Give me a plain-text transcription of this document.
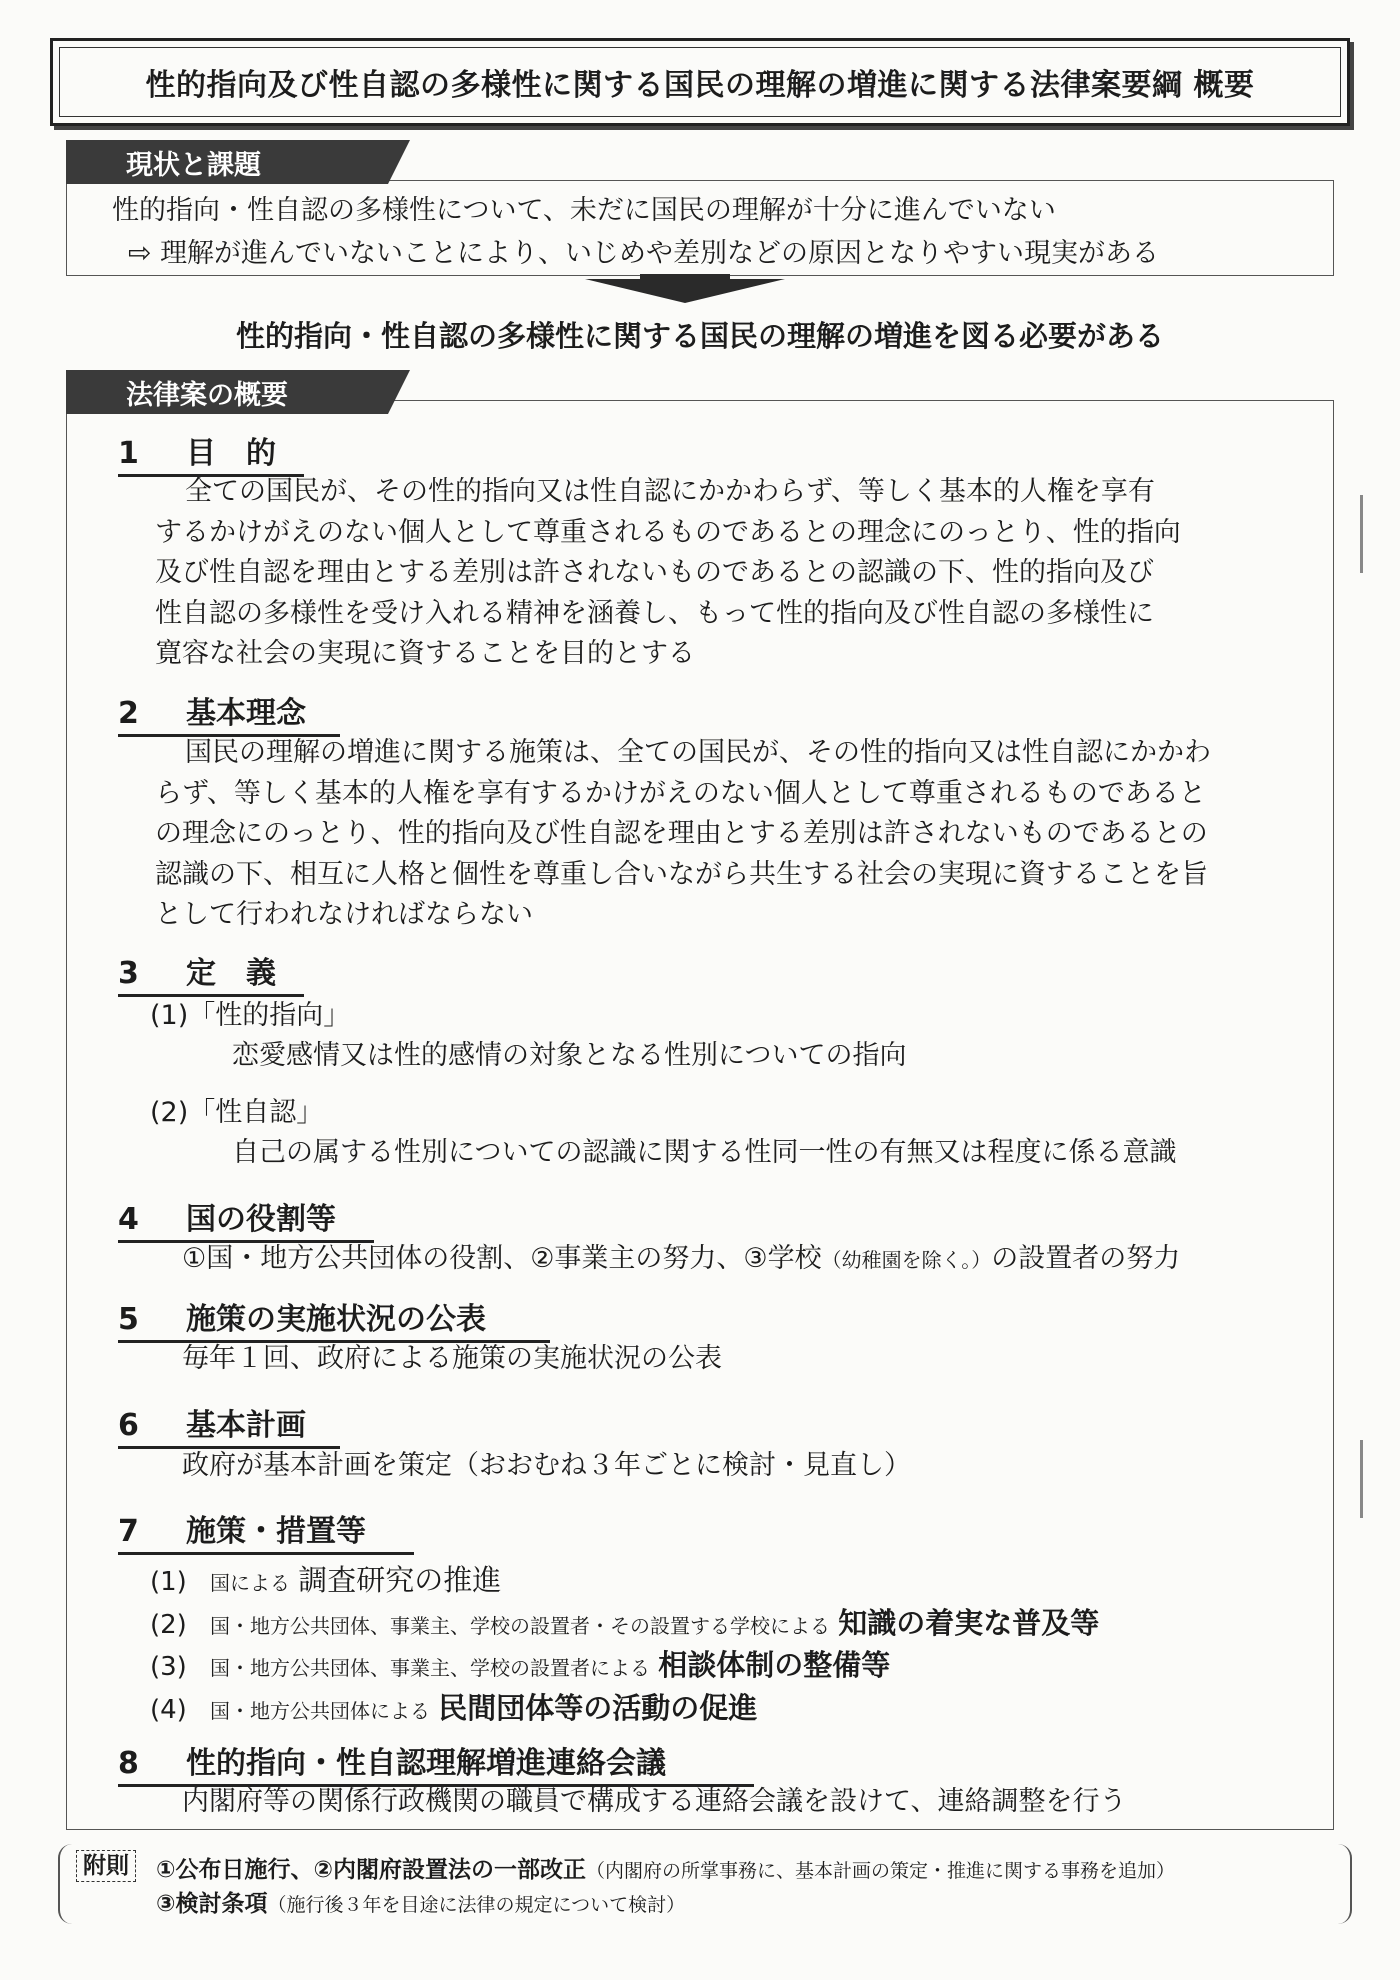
性的指向及び性自認の多様性に関する国民の理解の増進に関する法律案要綱 概要
現状と課題
性的指向・性自認の多様性について、未だに国民の理解が十分に進んでいない
⇨ 理解が進んでいないことにより、いじめや差別などの原因となりやすい現実がある
性的指向・性自認の多様性に関する国民の理解の増進を図る必要がある
法律案の概要
1 目　的
全ての国民が、その性的指向又は性自認にかかわらず、等しく基本的人権を享有
するかけがえのない個人として尊重されるものであるとの理念にのっとり、性的指向
及び性自認を理由とする差別は許されないものであるとの認識の下、性的指向及び
性自認の多様性を受け入れる精神を涵養し、もって性的指向及び性自認の多様性に
寛容な社会の実現に資することを目的とする
2 基本理念
国民の理解の増進に関する施策は、全ての国民が、その性的指向又は性自認にかかわ
らず、等しく基本的人権を享有するかけがえのない個人として尊重されるものであると
の理念にのっとり、性的指向及び性自認を理由とする差別は許されないものであるとの
認識の下、相互に人格と個性を尊重し合いながら共生する社会の実現に資することを旨
として行われなければならない
3 定　義
(1)「性的指向」
恋愛感情又は性的感情の対象となる性別についての指向
(2)「性自認」
自己の属する性別についての認識に関する性同一性の有無又は程度に係る意識
4 国の役割等
①国・地方公共団体の役割、②事業主の努力、③学校（幼稚園を除く。）の設置者の努力
5 施策の実施状況の公表
毎年１回、政府による施策の実施状況の公表
6 基本計画
政府が基本計画を策定（おおむね３年ごとに検討・見直し）
7 施策・措置等
(1) 国による 調査研究の推進
(2) 国・地方公共団体、事業主、学校の設置者・その設置する学校による 知識の着実な普及等
(3) 国・地方公共団体、事業主、学校の設置者による 相談体制の整備等
(4) 国・地方公共団体による 民間団体等の活動の促進
8 性的指向・性自認理解増進連絡会議
内閣府等の関係行政機関の職員で構成する連絡会議を設けて、連絡調整を行う
附則	①公布日施行、②内閣府設置法の一部改正（内閣府の所掌事務に、基本計画の策定・推進に関する事務を追加）
③検討条項（施行後３年を目途に法律の規定について検討）
